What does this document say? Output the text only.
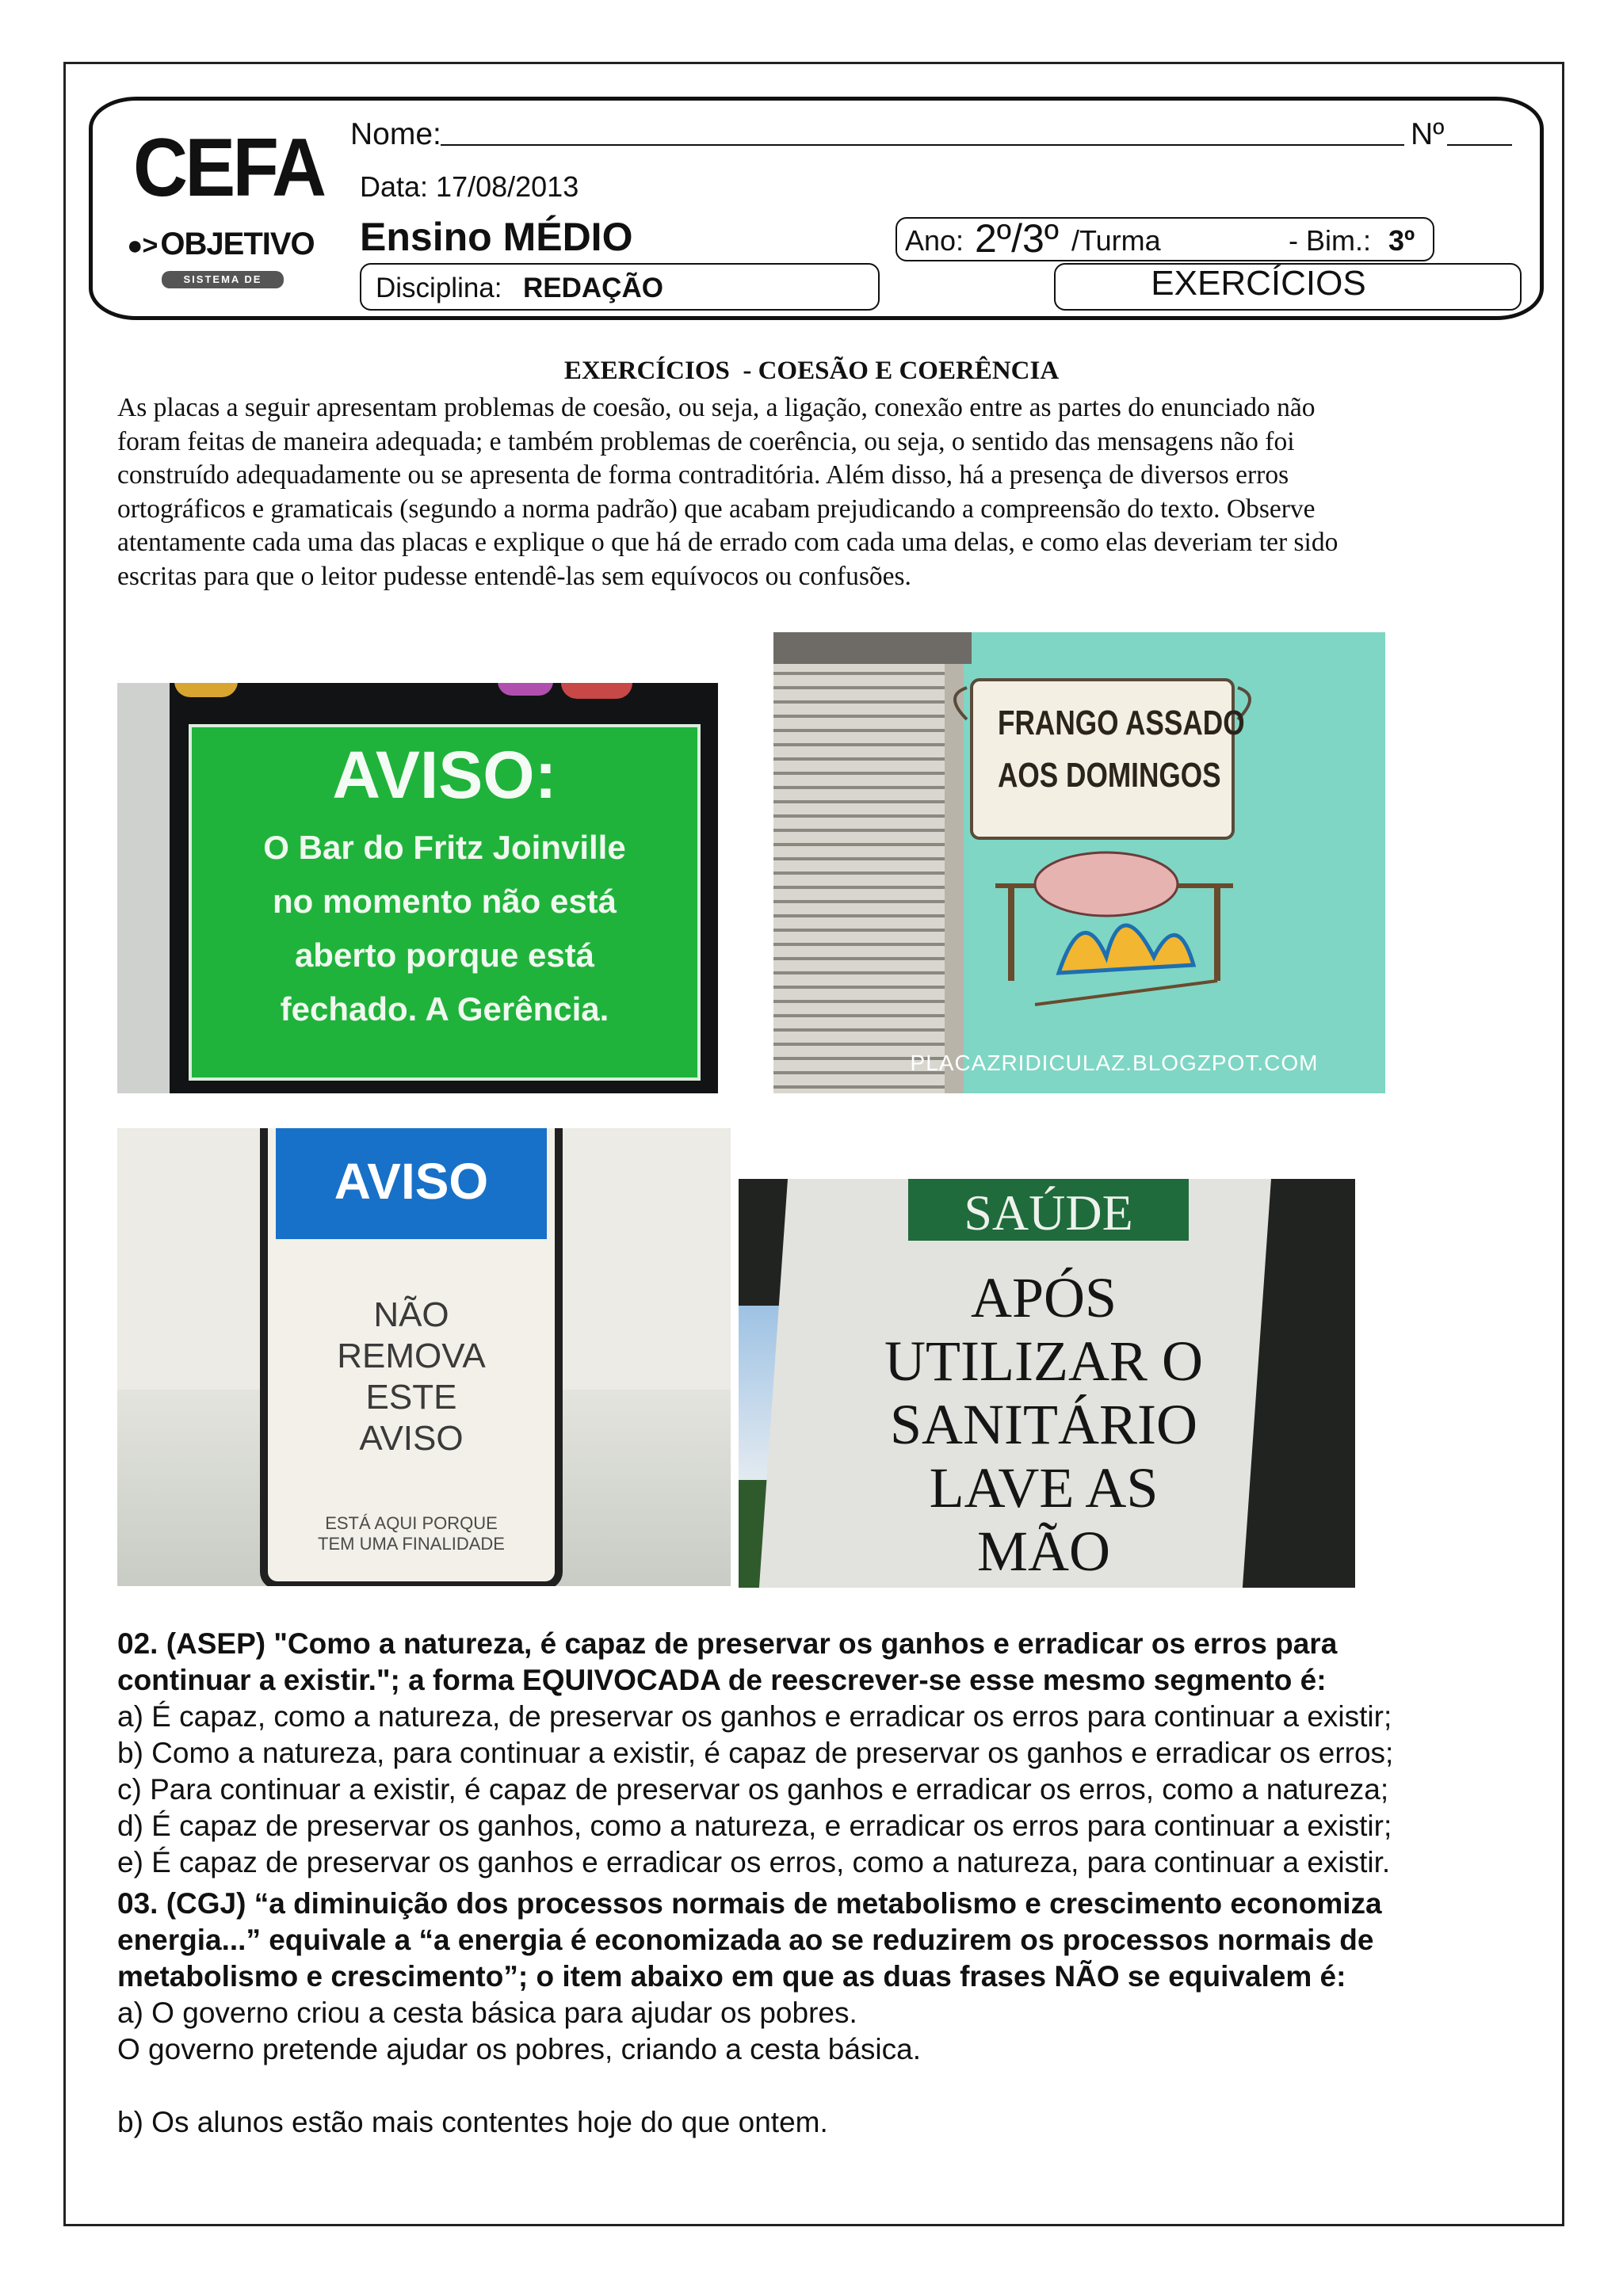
CEFA
●> OBJETIVO
SISTEMA DE ENSINO
Nome:	Nº
Data: 17/08/2013
Ensino MÉDIO	Ano: 2º/3º /Turma	- Bim.: 3º
Disciplina: REDAÇÃO	EXERCÍCIOS
EXERCÍCIOS  - COESÃO E COERÊNCIA
As placas a seguir apresentam problemas de coesão, ou seja, a ligação, conexão entre as partes do enunciado não
foram feitas de maneira adequada; e também problemas de coerência, ou seja, o sentido das mensagens não foi
construído adequadamente ou se apresenta de forma contraditória. Além disso, há a presença de diversos erros
ortográficos e gramaticais (segundo a norma padrão) que acabam prejudicando a compreensão do texto. Observe
atentamente cada uma das placas e explique o que há de errado com cada uma delas, e como elas deveriam ter sido
escritas para que o leitor pudesse entendê-las sem equívocos ou confusões.
AVISO:
O Bar do Fritz Joinville
no momento não está
aberto porque está
fechado. A Gerência.
FRANGO ASSADO
AOS DOMINGOS
PLACAZRIDICULAZ.BLOGZPOT.COM
AVISO
NÃO
REMOVA
ESTE
AVISO
ESTÁ AQUI PORQUE
TEM UMA FINALIDADE
SAÚDE
APÓS
UTILIZAR O
SANITÁRIO
LAVE AS
MÃO
02. (ASEP) "Como a natureza, é capaz de preservar os ganhos e erradicar os erros para
continuar a existir."; a forma EQUIVOCADA de reescrever-se esse mesmo segmento é:
a) É capaz, como a natureza, de preservar os ganhos e erradicar os erros para continuar a existir;
b) Como a natureza, para continuar a existir, é capaz de preservar os ganhos e erradicar os erros;
c) Para continuar a existir, é capaz de preservar os ganhos e erradicar os erros, como a natureza;
d) É capaz de preservar os ganhos, como a natureza, e erradicar os erros para continuar a existir;
e) É capaz de preservar os ganhos e erradicar os erros, como a natureza, para continuar a existir.
03. (CGJ) “a diminuição dos processos normais de metabolismo e crescimento economiza
energia...” equivale a “a energia é economizada ao se reduzirem os processos normais de
metabolismo e crescimento”; o item abaixo em que as duas frases NÃO se equivalem é:
a) O governo criou a cesta básica para ajudar os pobres.
O governo pretende ajudar os pobres, criando a cesta básica.
b) Os alunos estão mais contentes hoje do que ontem.
